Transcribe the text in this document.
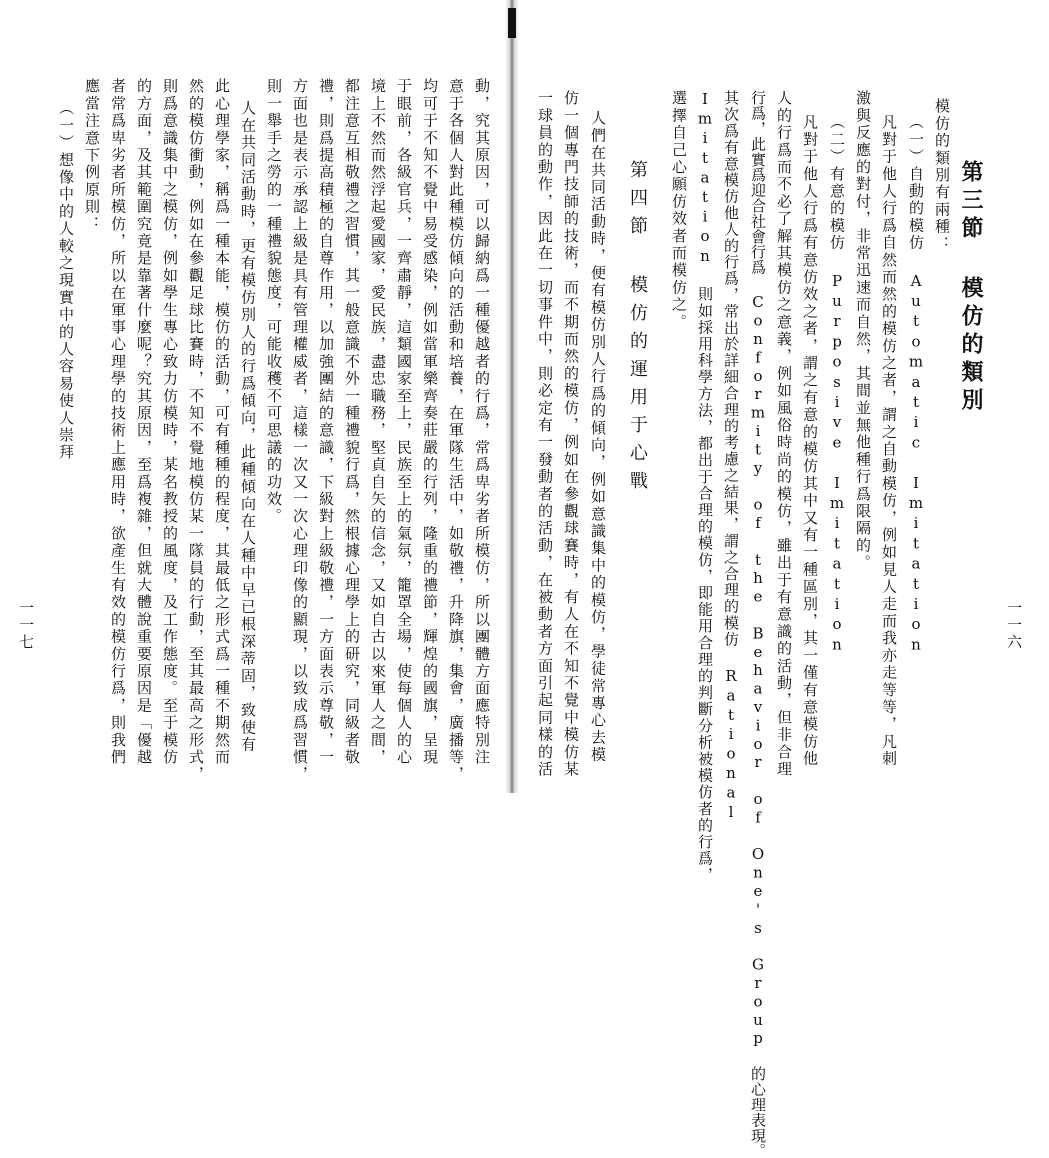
第三節 模仿的類別
模仿的類別有兩種：
（一）自動的模仿 Automatic Imitation
凡對于他人行爲自然而然的模仿之者，謂之自動模仿，例如見人走而我亦走等等，凡刺
激與反應的對付，非常迅速而自然，其間並無他種行爲限隔的。
（二）有意的模仿 Purposive Imitation
凡對于他人行爲有意仿效之者，謂之有意的模仿其中又有一種區別，其一僅有意模仿他
人的行爲而不必了解其模仿之意義，例如風俗時尚的模仿，雖出于有意識的活動，但非合理
行爲，此實爲迎合社會行爲 Conformity of the Behavior of One's Group 的心理表現。
其次爲有意模仿他人的行爲，常出於詳細合理的考慮之結果，謂之合理的模仿 Rational
Imitation 則如採用科學方法，都出于合理的模仿，即能用合理的判斷分析被模仿者的行爲，
選擇自己心願仿效者而模仿之。
第四節 模仿的運用于心戰
人們在共同活動時，便有模仿別人行爲的傾向，例如意識集中的模仿，學徒常專心去模
仿一個專門技師的技術，而不期而然的模仿，例如在參觀球賽時，有人在不知不覺中模仿某
一球員的動作，因此在一切事件中，則必定有一發動者的活動，在被動者方面引起同樣的活	一一六
動，究其原因，可以歸納爲一種優越者的行爲，常爲卑劣者所模仿，所以團體方面應特別注
意于各個人對此種模仿傾向的活動和培養，在軍隊生活中，如敬禮，升降旗，集會，廣播等，
均可于不知不覺中易受感染，例如當軍樂齊奏莊嚴的行列，隆重的禮節，輝煌的國旗，呈現
于眼前，各級官兵，一齊肅靜，這類國家至上，民族至上的氣氛，籠罩全場，使每個人的心
境上不然而然浮起愛國家，愛民族，盡忠職務，堅貞自矢的信念，又如自古以來軍人之間，
都注意互相敬禮之習慣，其一般意識不外一種禮貌行爲，然根據心理學上的研究，同級者敬
禮，則爲提高積極的自尊作用，以加強團結的意識，下級對上級敬禮，一方面表示尊敬，一
方面也是表示承認上級是具有管理權威者，這樣一次又一次心理印像的顯現，以致成爲習慣，
則一舉手之勞的一種禮貌態度，可能收穫不可思議的功效。
人在共同活動時，更有模仿別人的行爲傾向，此種傾向在人種中早已根深蒂固，致使有
此心理學家，稱爲一種本能，模仿的活動，可有種種的程度，其最低之形式爲一種不期然而
然的模仿衝動，例如在參觀足球比賽時，不知不覺地模仿某一隊員的行動，至其最高之形式，
則爲意識集中之模仿，例如學生專心致力仿模時，某名教授的風度，及工作態度。至于模仿
的方面，及其範圍究竟是靠著什麼呢？究其原因，至爲複雜，但就大體說重要原因是「優越
者常爲卑劣者所模仿，所以在軍事心理學的技術上應用時，欲產生有效的模仿行爲，則我們
應當注意下例原則：
（一）想像中的人較之現實中的人容易使人崇拜
一一七
